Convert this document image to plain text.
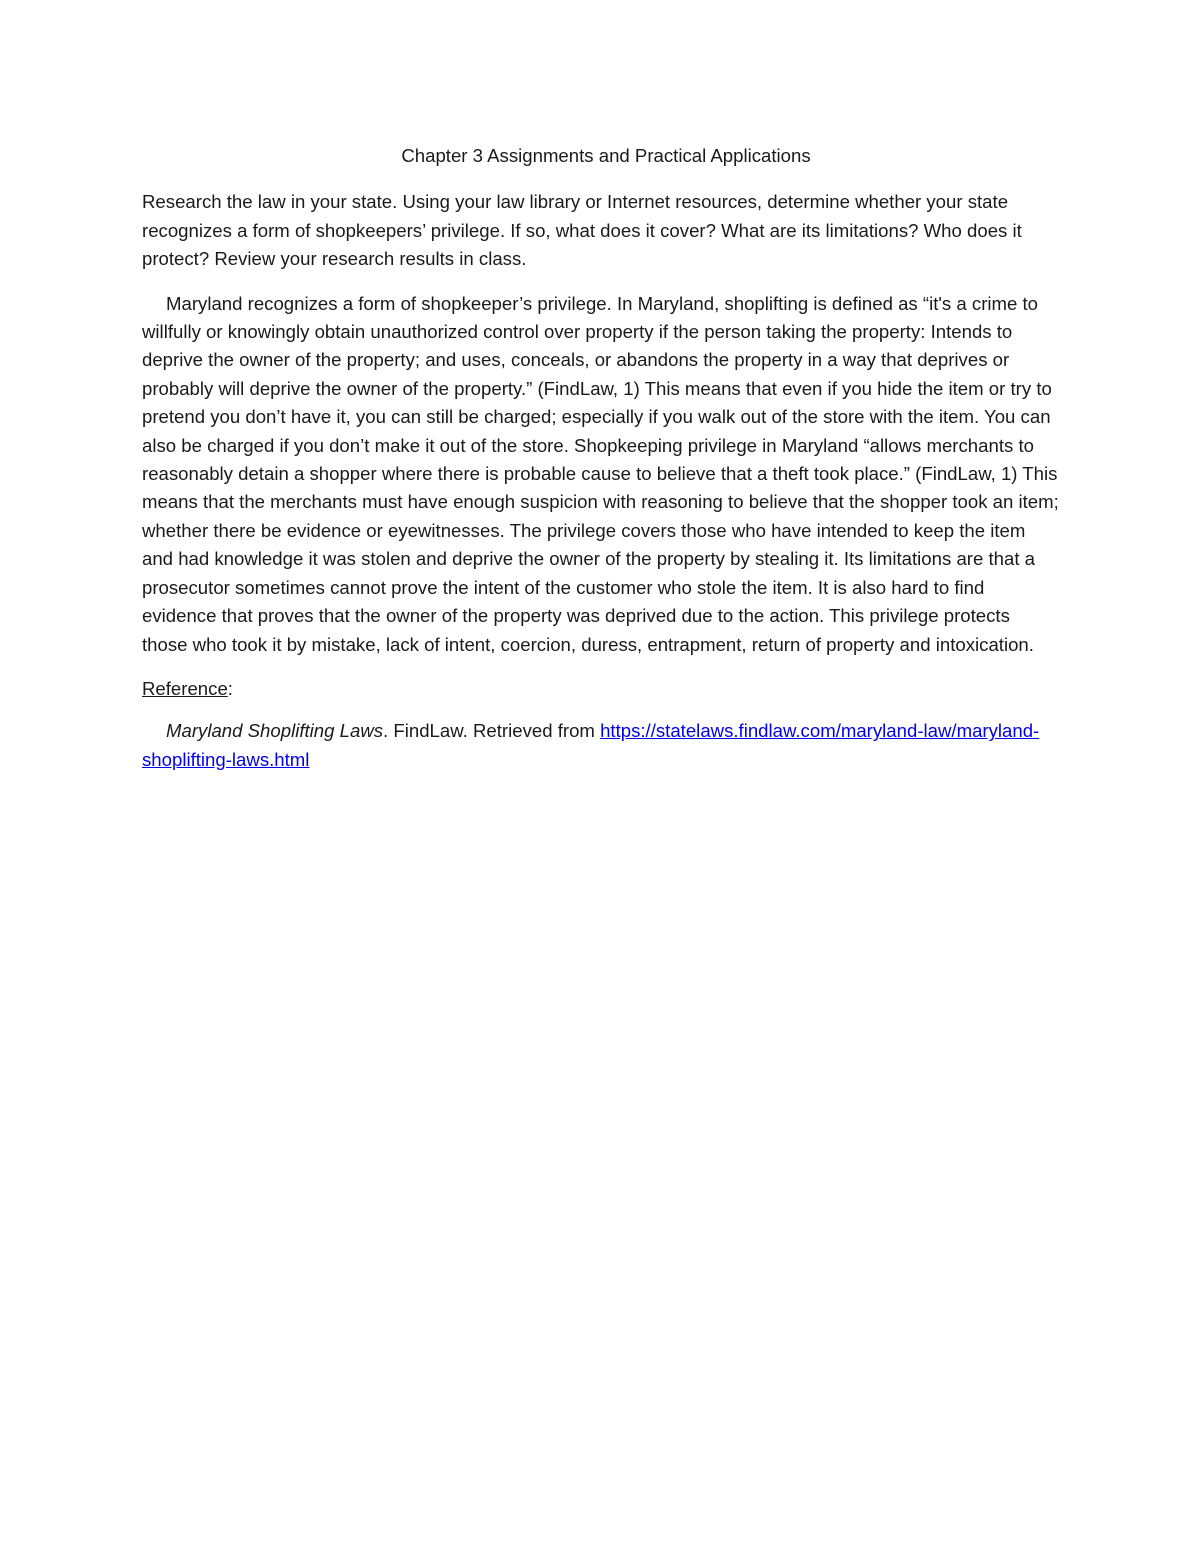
Chapter 3 Assignments and Practical Applications

Research the law in your state. Using your law library or Internet resources, determine whether your state recognizes a form of shopkeepers’ privilege. If so, what does it cover? What are its limitations? Who does it protect? Review your research results in class.

Maryland recognizes a form of shopkeeper’s privilege. In Maryland, shoplifting is defined as “it's a crime to willfully or knowingly obtain unauthorized control over property if the person taking the property: Intends to deprive the owner of the property; and uses, conceals, or abandons the property in a way that deprives or probably will deprive the owner of the property.” (FindLaw, 1) This means that even if you hide the item or try to pretend you don’t have it, you can still be charged; especially if you walk out of the store with the item. You can also be charged if you don’t make it out of the store. Shopkeeping privilege in Maryland “allows merchants to reasonably detain a shopper where there is probable cause to believe that a theft took place.” (FindLaw, 1) This means that the merchants must have enough suspicion with reasoning to believe that the shopper took an item; whether there be evidence or eyewitnesses. The privilege covers those who have intended to keep the item and had knowledge it was stolen and deprive the owner of the property by stealing it. Its limitations are that a prosecutor sometimes cannot prove the intent of the customer who stole the item. It is also hard to find evidence that proves that the owner of the property was deprived due to the action. This privilege protects those who took it by mistake, lack of intent, coercion, duress, entrapment, return of property and intoxication.

Reference:

Maryland Shoplifting Laws. FindLaw. Retrieved from https://statelaws.findlaw.com/maryland-law/maryland-shoplifting-laws.html
